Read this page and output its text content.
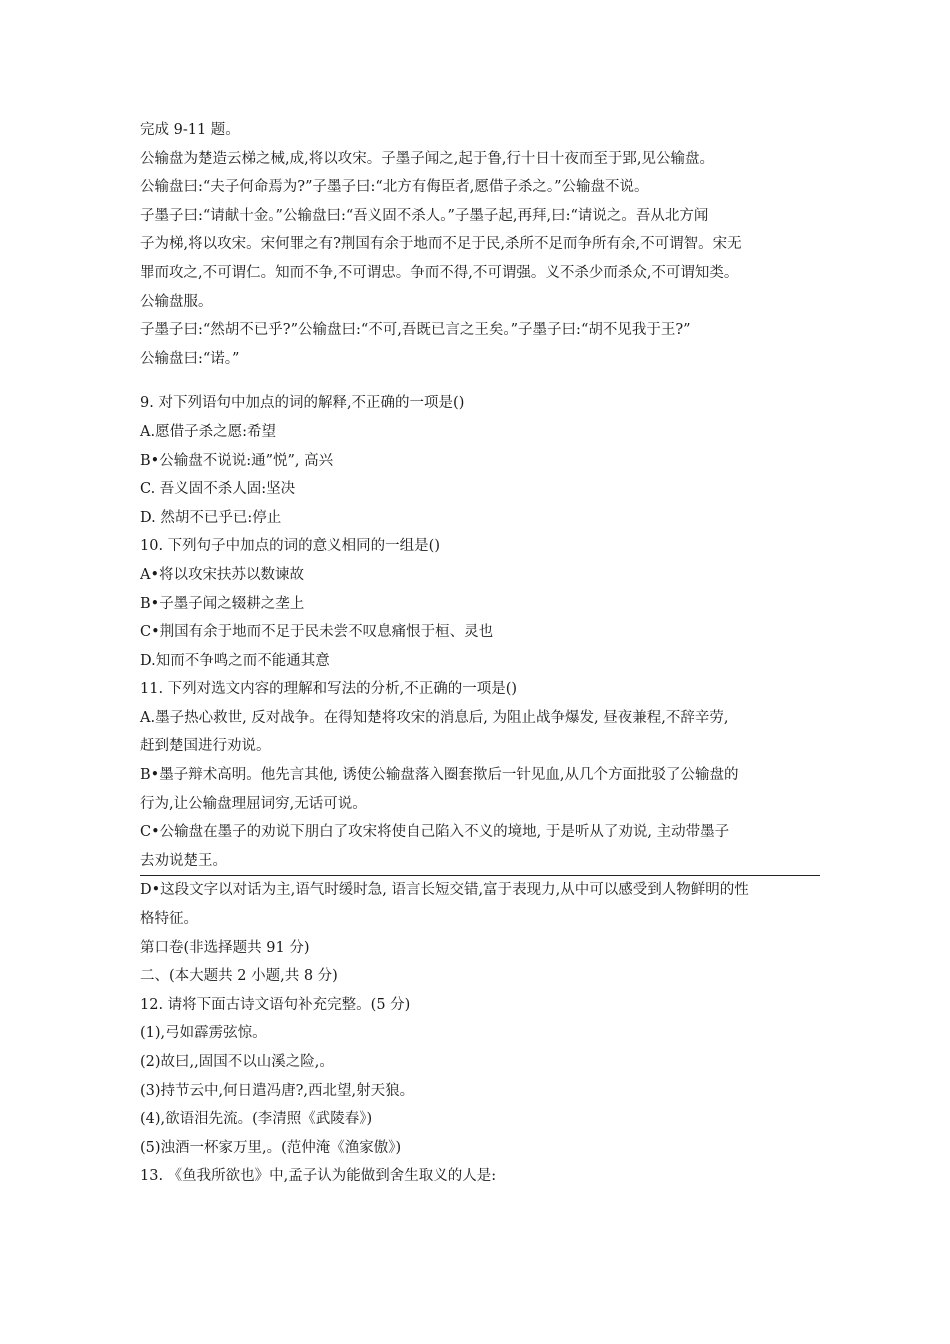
完成 9-11 题。
公输盘为楚造云梯之械,成,将以攻宋。子墨子闻之,起于鲁,行十日十夜而至于郢,见公输盘。
公输盘曰:“夫子何命焉为?”子墨子曰:“北方有侮臣者,愿借子杀之。”公输盘不说。
子墨子曰:“请献十金。”公输盘曰:“吾义固不杀人。”子墨子起,再拜,曰:“请说之。吾从北方闻
子为梯,将以攻宋。宋何罪之有?荆国有余于地而不足于民,杀所不足而争所有余,不可谓智。宋无
罪而攻之,不可谓仁。知而不争,不可谓忠。争而不得,不可谓强。义不杀少而杀众,不可谓知类。
公输盘服。
子墨子曰:“然胡不已乎?”公输盘曰:“不可,吾既已言之王矣。”子墨子曰:“胡不见我于王?”
公输盘曰:“诺。”
9. 对下列语句中加点的词的解释,不正确的一项是()
A.愿借子杀之愿:希望
B•公输盘不说说:通”悦”, 高兴
C. 吾义固不杀人固:坚决
D. 然胡不已乎已:停止
10. 下列句子中加点的词的意义相同的一组是()
A•将以攻宋扶苏以数谏故
B•子墨子闻之辍耕之垄上
C•荆国有余于地而不足于民未尝不叹息痛恨于桓、灵也
D.知而不争鸣之而不能通其意
11. 下列对选文内容的理解和写法的分析,不正确的一项是()
A.墨子热心救世, 反对战争。在得知楚将攻宋的消息后, 为阻止战争爆发, 昼夜兼程,不辞辛劳,
赶到楚国进行劝说。
B•墨子辩术高明。他先言其他, 诱使公输盘落入圈套揿后一针见血,从几个方面批驳了公输盘的
行为,让公输盘理屈词穷,无话可说。
C•公输盘在墨子的劝说下朋白了攻宋将使自己陷入不义的境地, 于是听从了劝说, 主动带墨子
去劝说楚王。
D•这段文字以对话为主,语气时缓时急, 语言长短交错,富于表现力,从中可以感受到人物鲜明的性
格特征。
第口卷(非选择题共 91 分)
二、(本大题共 2 小题,共 8 分)
12. 请将下面古诗文语句补充完整。(5 分)
(1),弓如霹雳弦惊。
(2)故曰,,固国不以山溪之险,。
(3)持节云中,何日遣冯唐?,西北望,射天狼。
(4),欲语泪先流。(李清照《武陵春》)
(5)浊酒一杯家万里,。(范仲淹《渔家傲》)
13. 《鱼我所欲也》中,孟子认为能做到舍生取义的人是:
